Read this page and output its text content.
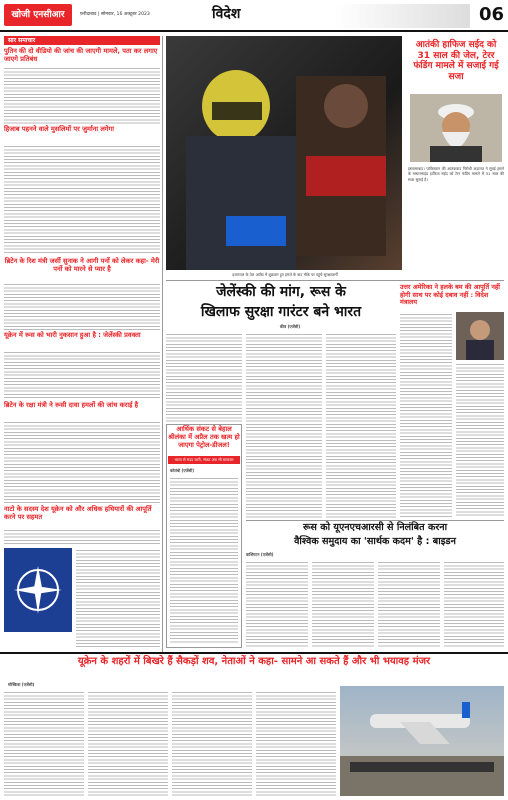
खोजी एनसीआर	फ़रीदाबाद | सोमवार, 16 अक्टूबर 2023	विदेश	06
सार समाचार
पुतिन की दो वीडियो की जांच की जाएगी मामले, पता कर लगाए जाएगे प्रतिबंध
हिजाब पहनने वाले मुसलिमों पर जुर्माना लगेगा
ब्रिटेन के रिश मंत्री जर्सी सुनाक ने आगी पनों को लेकर कहा- मेरी पनों को मारने से प्यार है
यूक्रेन में रूस को भारी नुकसान हुआ है : जेलेंस्की प्रवक्ता
ब्रिटेन के रक्षा मंत्री ने रूसी दावा हमलों की जांच कराई है
नाटो के सदस्य देश यूक्रेन को और अधिक हथियारों की आपूर्ति करने पर सहमत
इजरायल के तेल अवीव में शुक्रवार हुए हमले के बाद मौके पर पहुंचे सुरक्षाकर्मी
आतंकी हाफिज सईद को 31 साल की जेल, टेरर फंडिंग मामले में सजाई गई सजा
इस्लामाबाद। पाकिस्तान की आतंकवाद निरोधी अदालत ने मुंबई हमले के मास्टरमाइंड हाफिज सईद को टेरर फंडिंग मामले में 31 साल की सजा सुनाई है।
जेलेंस्की की मांग, रूस के
खिलाफ सुरक्षा गारंटर बने भारत
कीव (एजेंसी)
उत्तर अमेरिका ने हलके बम की आपूर्ति नहीं होगी साथ पर कोई दबाव नहीं : विदेश मंत्रालय
आर्थिक संकट से बेहाल श्रीलंका में अप्रैल तक खत्म हो जाएगा पेट्रोल-डीजल!
भारत से मदद जारी, संकट अब भी बरकरार
कोलंबो (एजेंसी)
रूस को यूएनएचआरसी से निलंबित करना
वैश्विक समुदाय का 'सार्थक कदम' है : बाइडन
वाशिंगटन (एजेंसी)
यूक्रेन के शहरों में बिखरे हैं सैकड़ों शव, नेताओं ने कहा- सामने आ सकते हैं और भी भयावह मंजर
मोस्किवा (एजेंसी)
